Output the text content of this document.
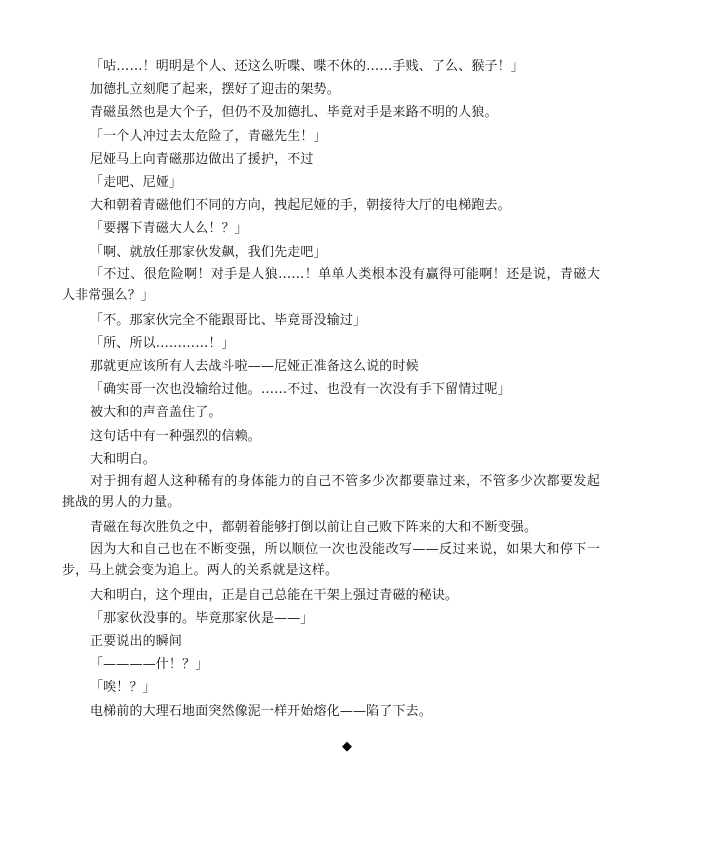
「咕……！明明是个人、还这么听喋、喋不休的……手贱、了么、猴子！」

加德扎立刻爬了起来，摆好了迎击的架势。

青磁虽然也是大个子，但仍不及加德扎、毕竟对手是来路不明的人狼。

「一个人冲过去太危险了，青磁先生！」

尼娅马上向青磁那边做出了援护，不过

「走吧、尼娅」

大和朝着青磁他们不同的方向，拽起尼娅的手，朝接待大厅的电梯跑去。

「要撂下青磁大人么！？」

「啊、就放任那家伙发飙，我们先走吧」

「不过、很危险啊！对手是人狼……！单单人类根本没有赢得可能啊！还是说，青磁大人非常强么？」

「不。那家伙完全不能跟哥比、毕竟哥没输过」

「所、所以…………！」

那就更应该所有人去战斗啦——尼娅正准备这么说的时候

「确实哥一次也没输给过他。……不过、也没有一次没有手下留情过呢」

被大和的声音盖住了。

这句话中有一种强烈的信赖。

大和明白。

对于拥有超人这种稀有的身体能力的自己不管多少次都要靠过来，不管多少次都要发起挑战的男人的力量。

青磁在每次胜负之中，都朝着能够打倒以前让自己败下阵来的大和不断变强。

因为大和自己也在不断变强，所以顺位一次也没能改写——反过来说，如果大和停下一步，马上就会变为追上。两人的关系就是这样。

大和明白，这个理由，正是自己总能在干架上强过青磁的秘诀。

「那家伙没事的。毕竟那家伙是——」

正要说出的瞬间

「————什！？」

「唉！？」

电梯前的大理石地面突然像泥一样开始熔化——陷了下去。

◆
